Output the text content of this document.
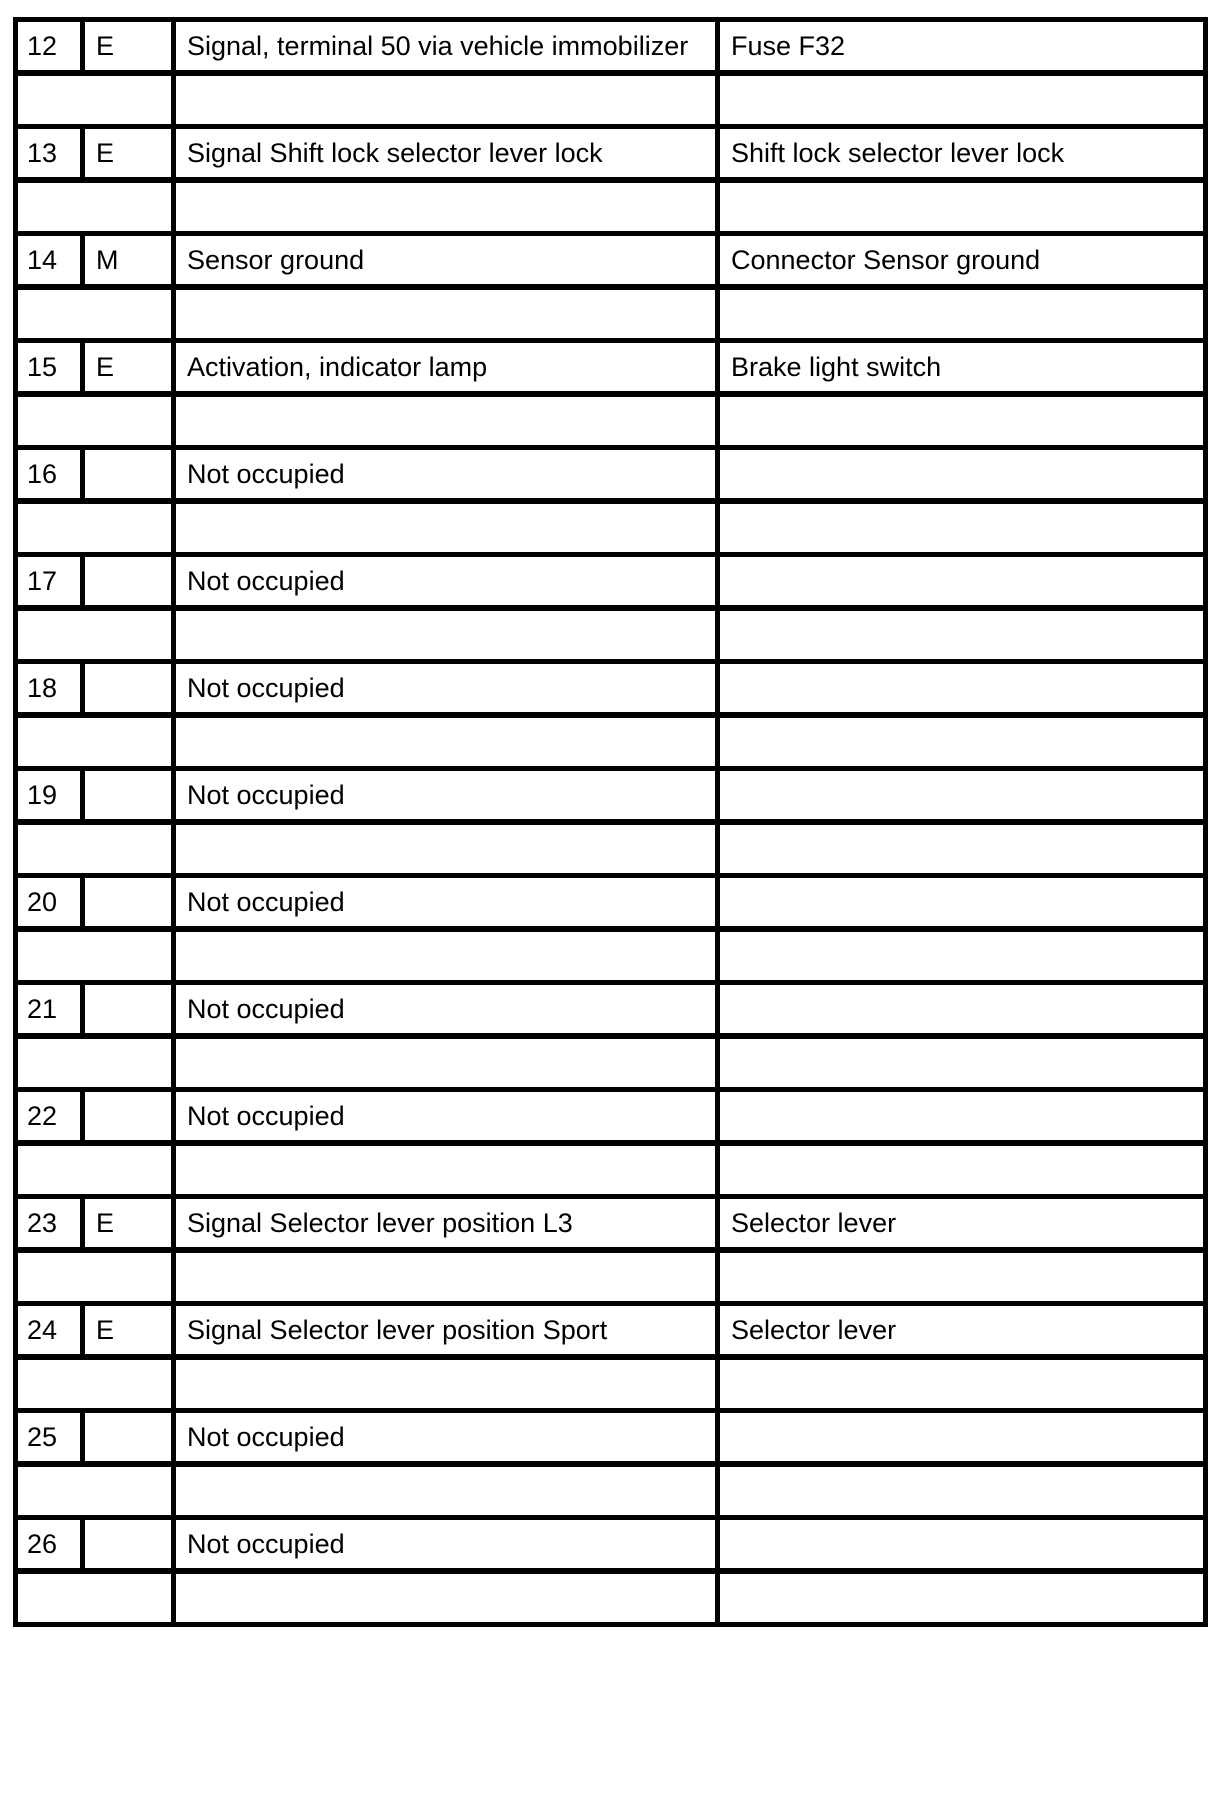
12	E	Signal, terminal 50 via vehicle immobilizer	Fuse F32

13	E	Signal Shift lock selector lever lock	Shift lock selector lever lock

14	M	Sensor ground	Connector Sensor ground

15	E	Activation, indicator lamp	Brake light switch

16		Not occupied	

17		Not occupied	

18		Not occupied	

19		Not occupied	

20		Not occupied	

21		Not occupied	

22		Not occupied	

23	E	Signal Selector lever position L3	Selector lever

24	E	Signal Selector lever position Sport	Selector lever

25		Not occupied	

26		Not occupied	
